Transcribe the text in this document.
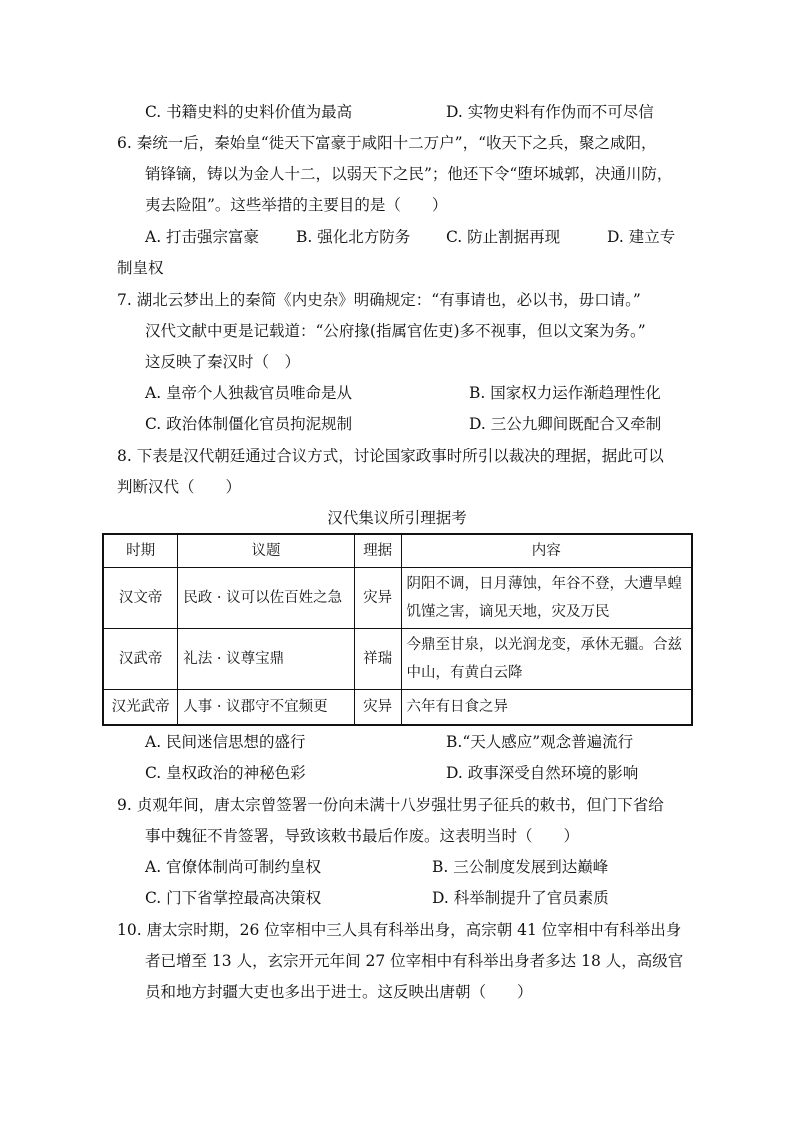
C. 书籍史料的史料价值为最高	D. 实物史料有作伪而不可尽信
6. 秦统一后，秦始皇“徙天下富豪于咸阳十二万户”，“收天下之兵，聚之咸阳，
销锋镝，铸以为金人十二，以弱天下之民”；他还下令“堕坏城郭，决通川防，
夷去险阻”。这些举措的主要目的是（　　）
A. 打击强宗富豪 B. 强化北方防务 C. 防止割据再现	D. 建立专
制皇权
7. 湖北云梦出上的秦简《内史杂》明确规定：“有事请也，必以书，毋口请。”
汉代文献中更是记载道：“公府掾(指属官佐吏)多不视事，但以文案为务。”
这反映了秦汉时（　）
A. 皇帝个人独裁官员唯命是从	B. 国家权力运作渐趋理性化
C. 政治体制僵化官员拘泥规制	D. 三公九卿间既配合又牵制
8. 下表是汉代朝廷通过合议方式，讨论国家政事时所引以裁决的理据，据此可以
判断汉代（　　）
汉代集议所引理据考
时期	议题	理据	内容
汉文帝	民政 · 议可以佐百姓之急	灾异	阴阳不调，日月薄蚀，年谷不登，大遭旱蝗饥馑之害，谪见天地，灾及万民
汉武帝	礼法 · 议尊宝鼎	祥瑞	今鼎至甘泉，以光润龙变，承休无疆。合兹中山，有黄白云降
汉光武帝	人事 · 议郡守不宜频更	灾异	六年有日食之异
A. 民间迷信思想的盛行	B.“天人感应”观念普遍流行
C. 皇权政治的神秘色彩	D. 政事深受自然环境的影响
9. 贞观年间，唐太宗曾签署一份向未满十八岁强壮男子征兵的敕书，但门下省给
事中魏征不肯签署，导致该敕书最后作废。这表明当时（　　）
A. 官僚体制尚可制约皇权	B. 三公制度发展到达巅峰
C. 门下省掌控最高决策权	D. 科举制提升了官员素质
10. 唐太宗时期，26 位宰相中三人具有科举出身，高宗朝 41 位宰相中有科举出身
者已增至 13 人，玄宗开元年间 27 位宰相中有科举出身者多达 18 人，高级官
员和地方封疆大吏也多出于进士。这反映出唐朝（　　）
